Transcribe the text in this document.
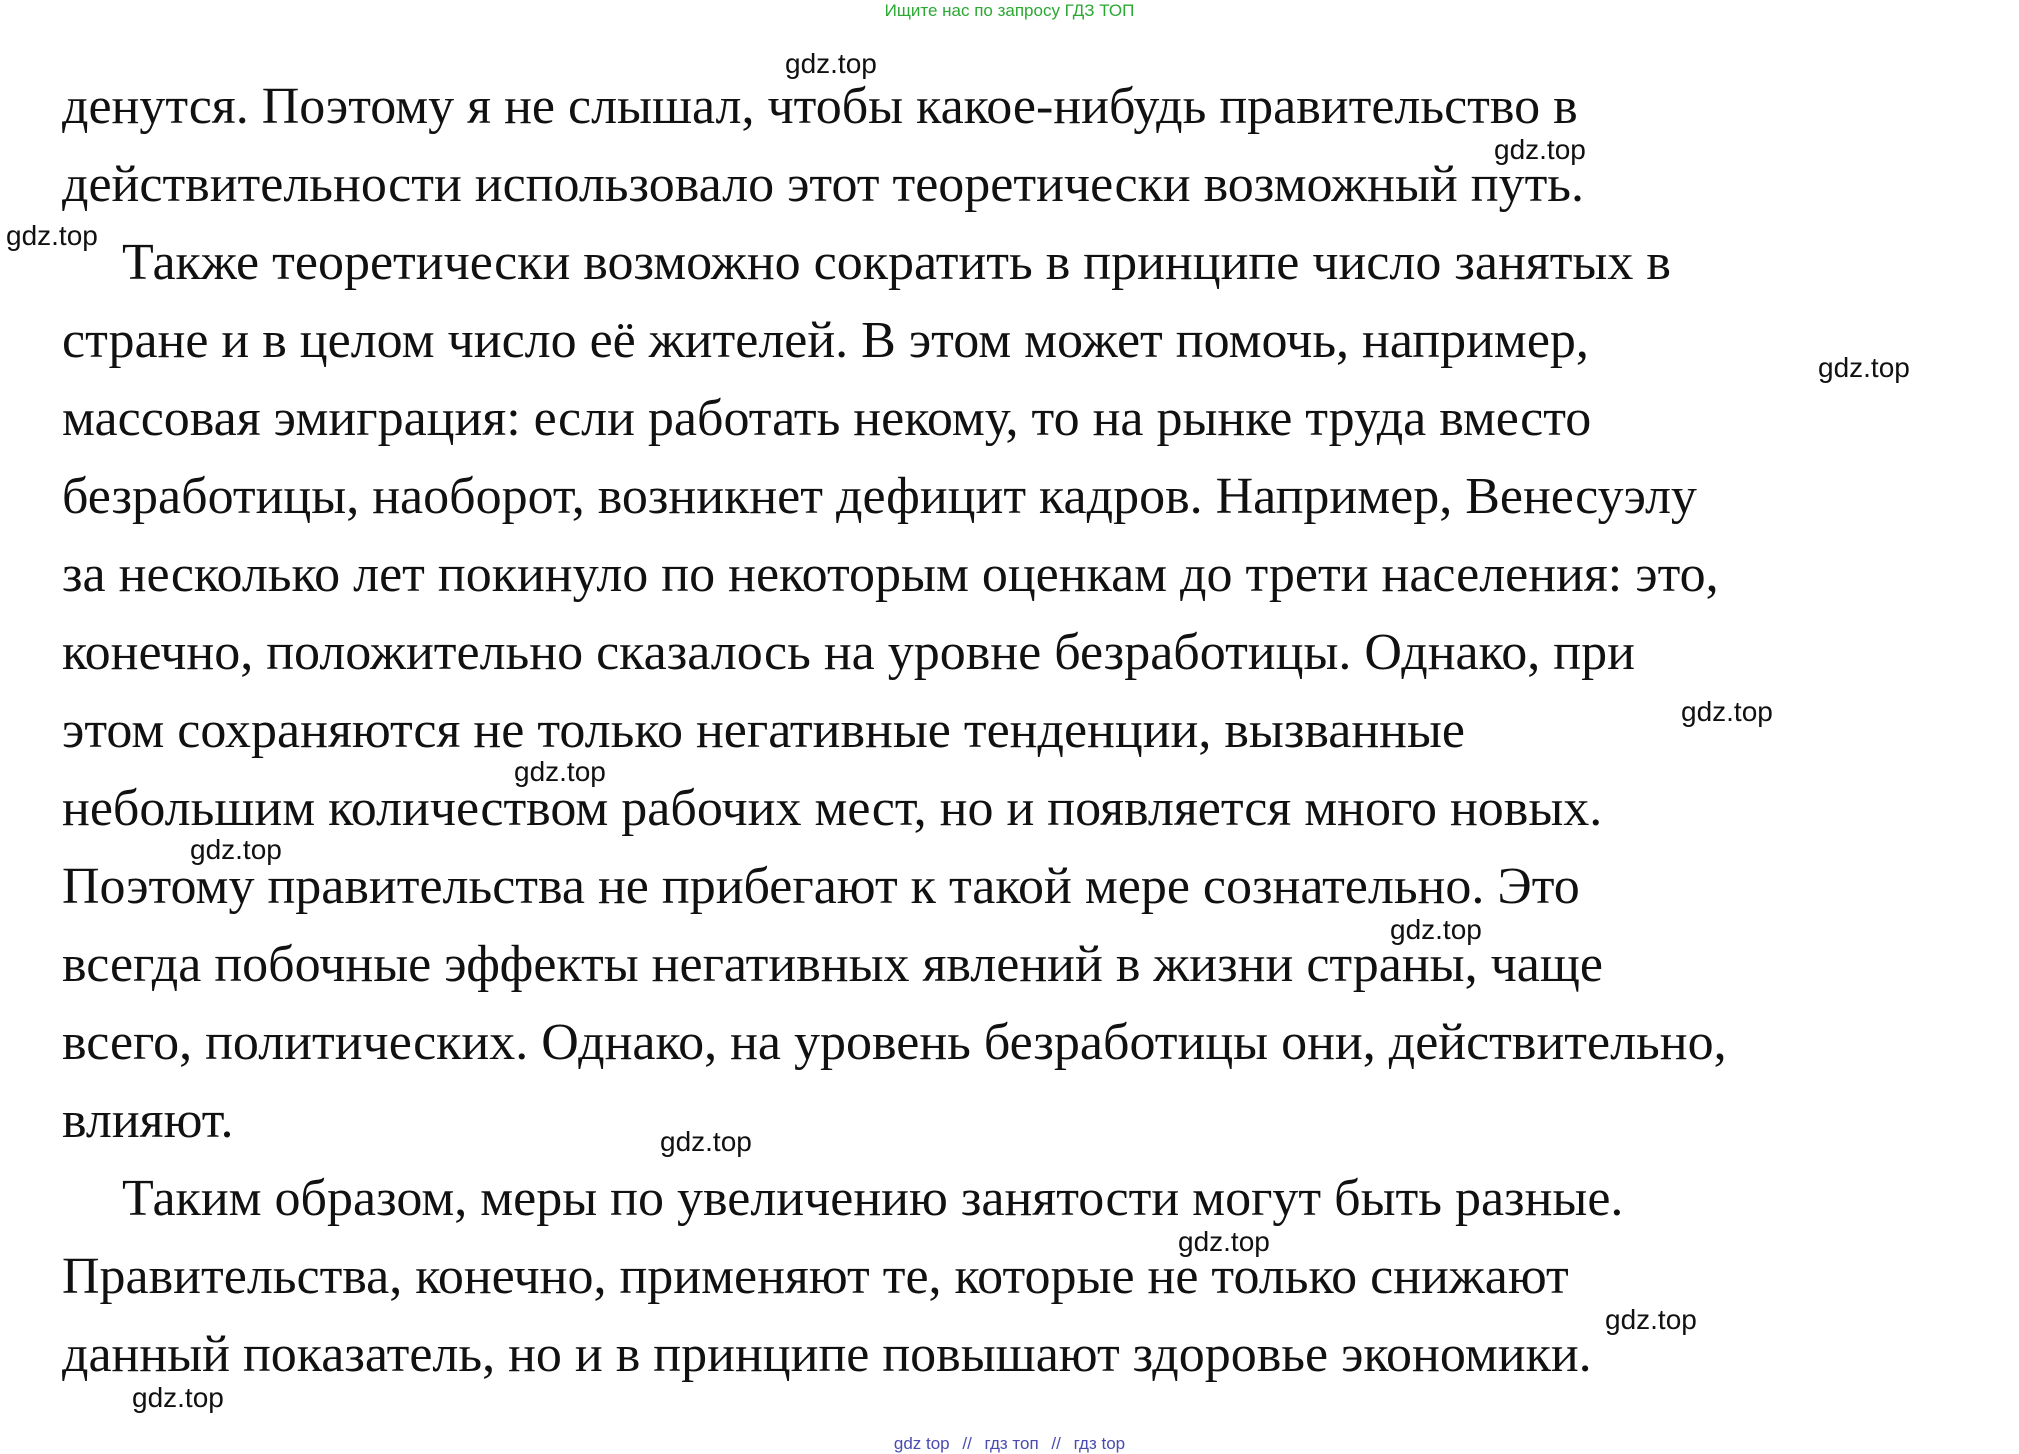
Ищите нас по запросу ГДЗ ТОП
денутся. Поэтому я не слышал, чтобы какое-нибудь правительство в
действительности использовало этот теоретически возможный путь.
Также теоретически возможно сократить в принципе число занятых в
стране и в целом число её жителей. В этом может помочь, например,
массовая эмиграция: если работать некому, то на рынке труда вместо
безработицы, наоборот, возникнет дефицит кадров. Например, Венесуэлу
за несколько лет покинуло по некоторым оценкам до трети населения: это,
конечно, положительно сказалось на уровне безработицы. Однако, при
этом сохраняются не только негативные тенденции, вызванные
небольшим количеством рабочих мест, но и появляется много новых.
Поэтому правительства не прибегают к такой мере сознательно. Это
всегда побочные эффекты негативных явлений в жизни страны, чаще
всего, политических. Однако, на уровень безработицы они, действительно,
влияют.
Таким образом, меры по увеличению занятости могут быть разные.
Правительства, конечно, применяют те, которые не только снижают
данный показатель, но и в принципе повышают здоровье экономики.
gdz.top
gdz.top
gdz.top
gdz.top
gdz.top
gdz.top
gdz.top
gdz.top
gdz.top
gdz.top
gdz.top
gdz.top
gdz top // гдз топ // гдз top
